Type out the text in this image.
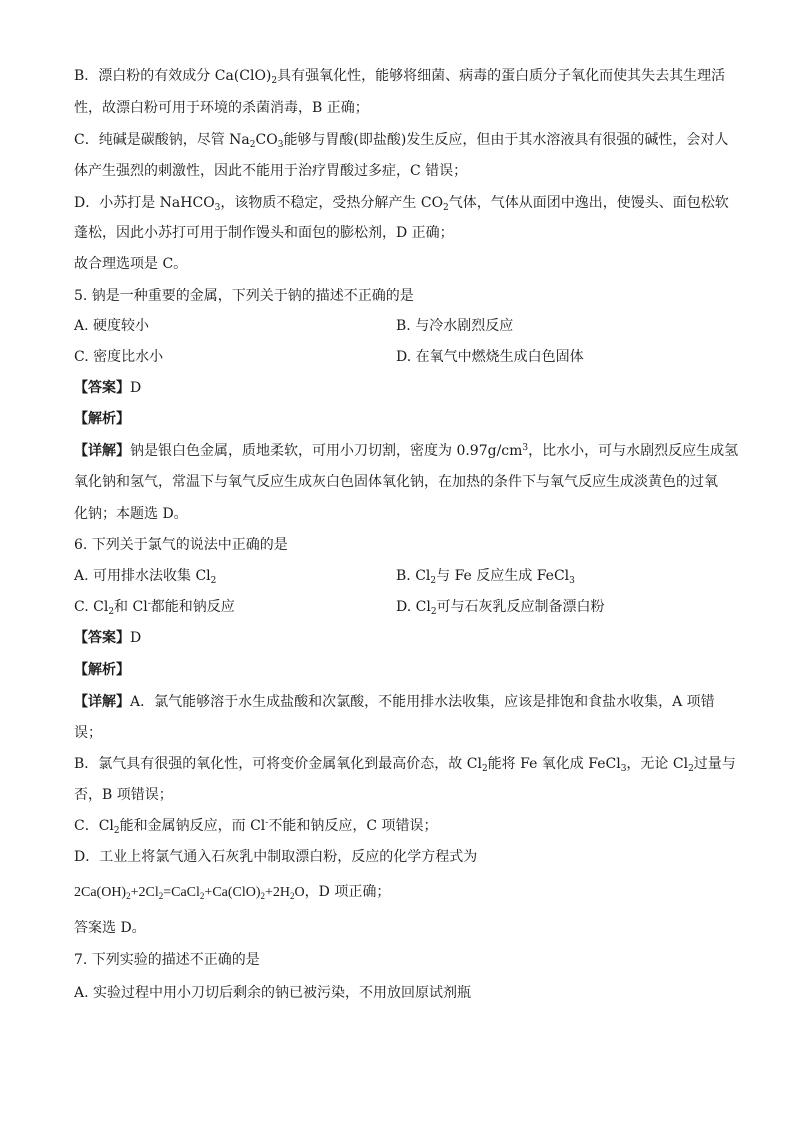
B．漂白粉的有效成分 $Ca(ClO)_2$具有强氧化性，能够将细菌、病毒的蛋白质分子氧化而使其失去其生理活
性，故漂白粉可用于环境的杀菌消毒，B 正确；
C．纯碱是碳酸钠，尽管 $Na_2CO_3$能够与胃酸(即盐酸)发生反应，但由于其水溶液具有很强的碱性，会对人
体产生强烈的刺激性，因此不能用于治疗胃酸过多症，C 错误；
D．小苏打是 NaHCO$_3$，该物质不稳定，受热分解产生 $CO_2$气体，气体从面团中逸出，使馒头、面包松软
蓬松，因此小苏打可用于制作馒头和面包的膨松剂，D 正确；
故合理选项是 C。
5. 钠是一种重要的金属，下列关于钠的描述不正确的是
A. 硬度较小	B. 与冷水剧烈反应
C. 密度比水小	D. 在氧气中燃烧生成白色固体
【答案】D
【解析】
【详解】钠是银白色金属，质地柔软，可用小刀切割，密度为 $0.97g/cm^3$，比水小，可与水剧烈反应生成氢
氧化钠和氢气，常温下与氧气反应生成灰白色固体氧化钠，在加热的条件下与氧气反应生成淡黄色的过氧
化钠；本题选 D。
6. 下列关于氯气的说法中正确的是
A. 可用排水法收集 $Cl_2$	B. $Cl_2$与 Fe 反应生成 FeCl$_3$
C. $Cl_2$和 Cl-都能和钠反应	D. $Cl_2$可与石灰乳反应制备漂白粉
【答案】D
【解析】
【详解】A．氯气能够溶于水生成盐酸和次氯酸，不能用排水法收集，应该是排饱和食盐水收集，A 项错
误；
B．氯气具有很强的氧化性，可将变价金属氧化到最高价态，故 $Cl_2$能将 Fe 氧化成 FeCl$_3$，无论 $Cl_2$过量与
否，B 项错误；
C．$Cl_2$能和金属钠反应，而 Cl-不能和钠反应，C 项错误；
D．工业上将氯气通入石灰乳中制取漂白粉，反应的化学方程式为
$2Ca(OH)_2+2Cl_2=CaCl_2+Ca(ClO)_2+2H_2O$，D 项正确；
答案选 D。
7. 下列实验的描述不正确的是
A. 实验过程中用小刀切后剩余的钠已被污染，不用放回原试剂瓶
